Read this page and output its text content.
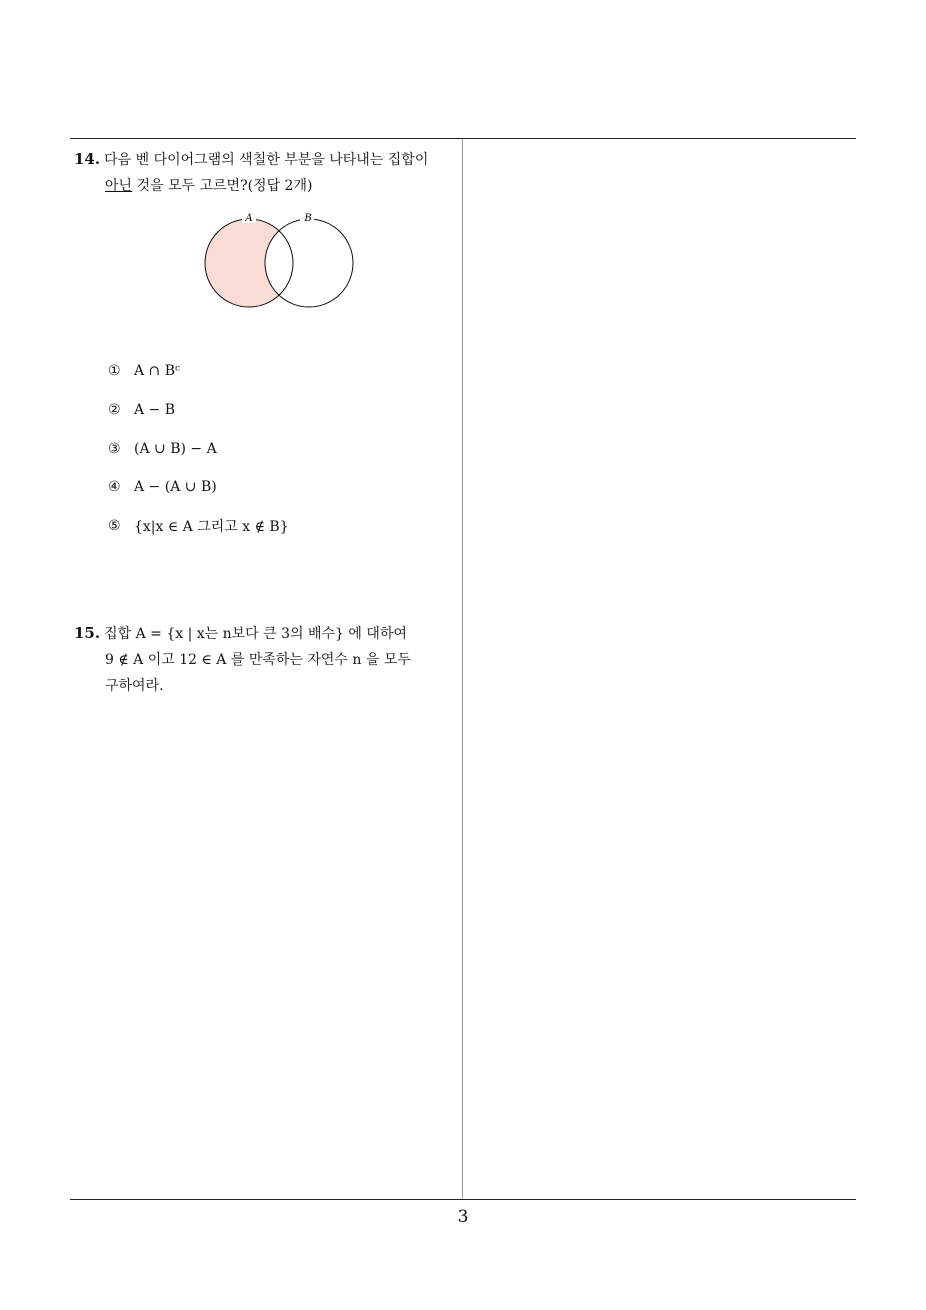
14. 다음 벤 다이어그램의 색칠한 부분을 나타내는 집합이
아닌 것을 모두 고르면?(정답 2개)
A	B
① A ∩ Bᶜ
② A − B
③ (A ∪ B) − A
④ A − (A ∪ B)
⑤ {x|x ∈ A 그리고 x ∉ B}
15. 집합 A = {x | x는 n보다 큰 3의 배수} 에 대하여
9 ∉ A 이고 12 ∈ A 를 만족하는 자연수 n 을 모두
구하여라.
3
